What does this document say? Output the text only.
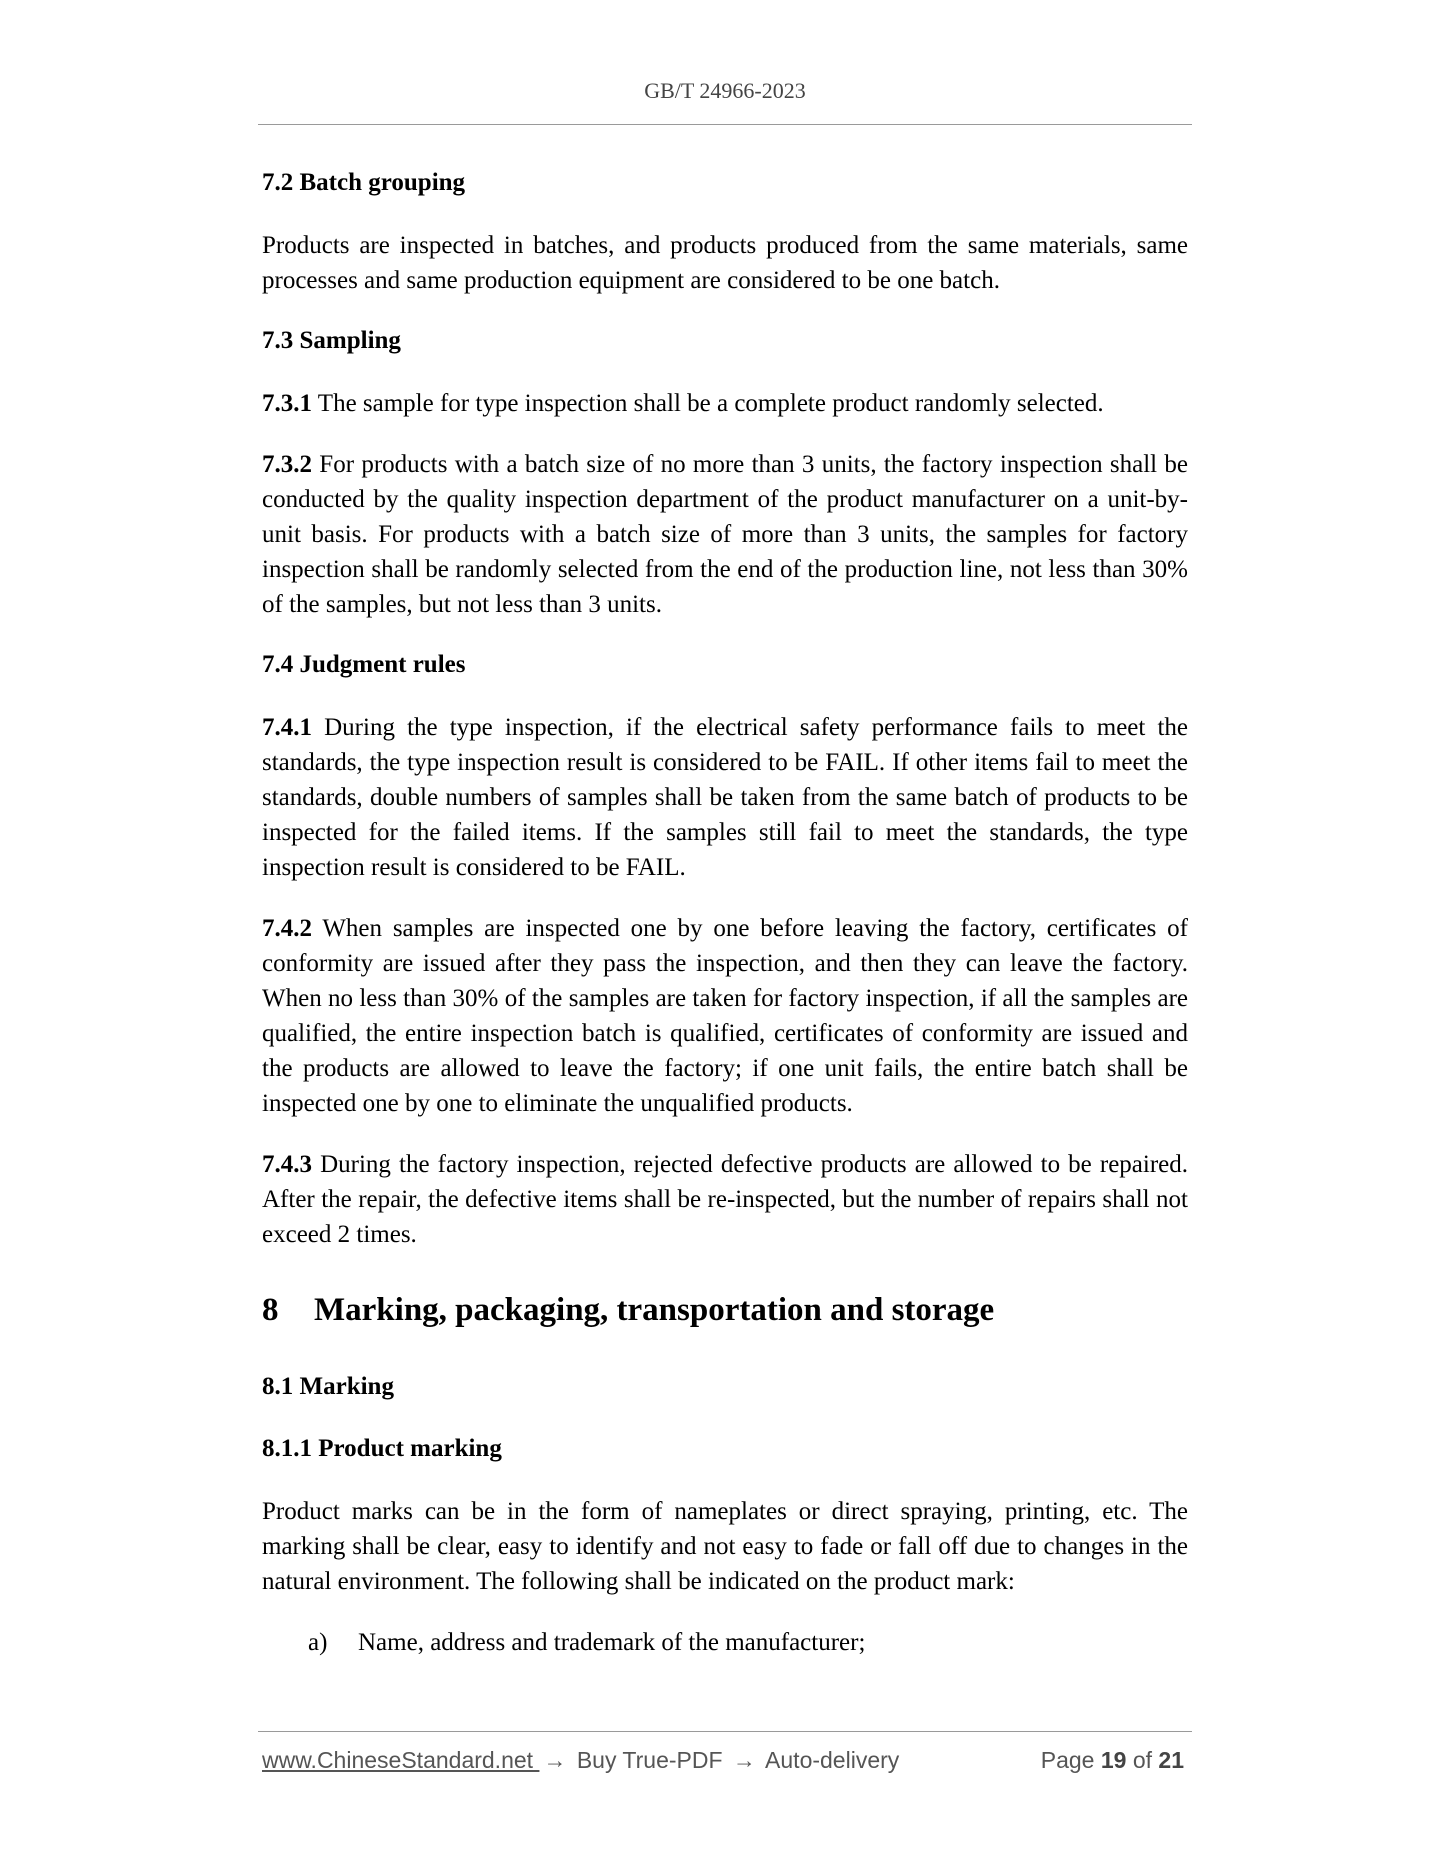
GB/T 24966-2023
7.2 Batch grouping
Products are inspected in batches, and products produced from the same materials, same processes and same production equipment are considered to be one batch.
7.3 Sampling
7.3.1 The sample for type inspection shall be a complete product randomly selected.
7.3.2 For products with a batch size of no more than 3 units, the factory inspection shall be conducted by the quality inspection department of the product manufacturer on a unit-by-unit basis. For products with a batch size of more than 3 units, the samples for factory inspection shall be randomly selected from the end of the production line, not less than 30% of the samples, but not less than 3 units.
7.4 Judgment rules
7.4.1 During the type inspection, if the electrical safety performance fails to meet the standards, the type inspection result is considered to be FAIL. If other items fail to meet the standards, double numbers of samples shall be taken from the same batch of products to be inspected for the failed items. If the samples still fail to meet the standards, the type inspection result is considered to be FAIL.
7.4.2 When samples are inspected one by one before leaving the factory, certificates of conformity are issued after they pass the inspection, and then they can leave the factory. When no less than 30% of the samples are taken for factory inspection, if all the samples are qualified, the entire inspection batch is qualified, certificates of conformity are issued and the products are allowed to leave the factory; if one unit fails, the entire batch shall be inspected one by one to eliminate the unqualified products.
7.4.3 During the factory inspection, rejected defective products are allowed to be repaired. After the repair, the defective items shall be re-inspected, but the number of repairs shall not exceed 2 times.
8 Marking, packaging, transportation and storage
8.1 Marking
8.1.1 Product marking
Product marks can be in the form of nameplates or direct spraying, printing, etc. The marking shall be clear, easy to identify and not easy to fade or fall off due to changes in the natural environment. The following shall be indicated on the product mark:
a) Name, address and trademark of the manufacturer;
www.ChineseStandard.net → Buy True-PDF → Auto-delivery	Page 19 of 21
